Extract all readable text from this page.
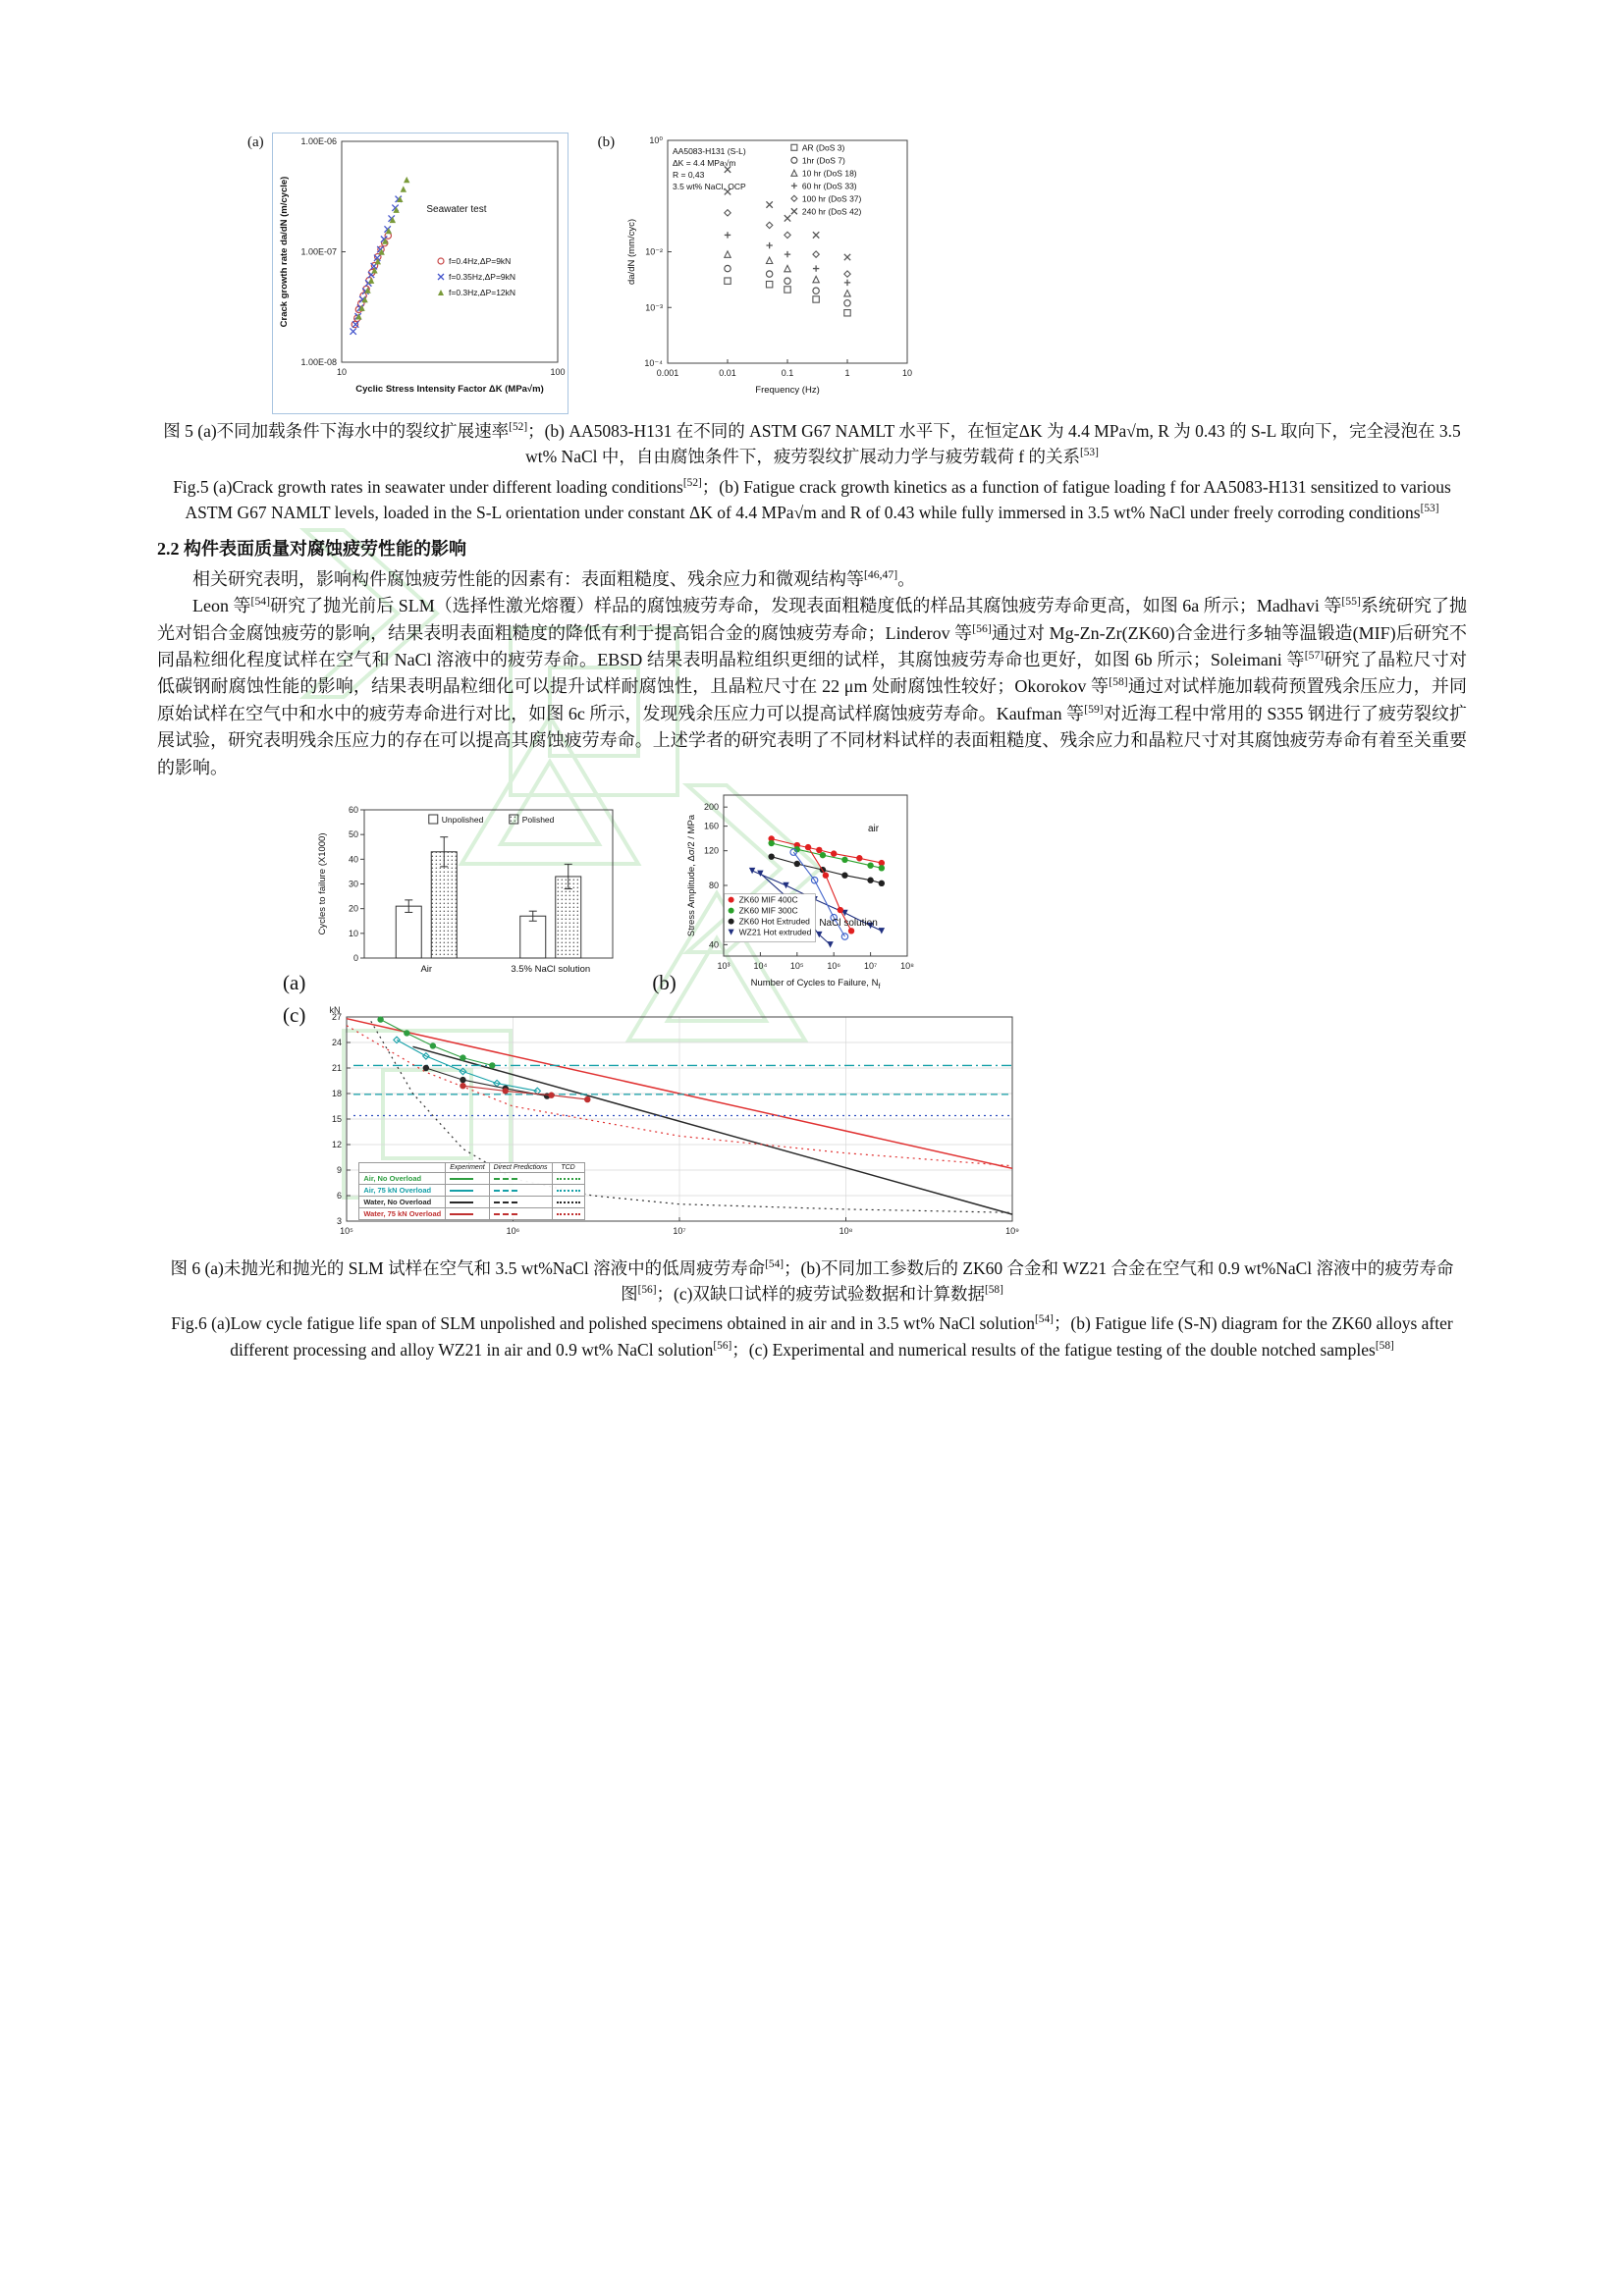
(a)
10	100
1.00E-06
1.00E-07
1.00E-08
Cyclic Stress Intensity Factor ΔK (MPa√m)
Crack growth rate da/dN (m/cycle)	f=0.4Hz,ΔP=9kN
f=0.35Hz,ΔP=9kN
f=0.3Hz,ΔP=12kN
Seawater test
(b)
0.001	0.01	0.1	1	10
10⁰
10⁻²
10⁻³
10⁻⁴
Frequency (Hz)
da/dN (mm/cyc)
AR (DoS 3)
1hr (DoS 7)
10 hr (DoS 18)
60 hr (DoS 33)
100 hr (DoS 37)
240 hr (DoS 42)
AA5083-H131 (S-L)
ΔK = 4.4 MPa√m
R = 0,43
3.5 wt% NaCl, OCP

图 5 (a)不同加载条件下海水中的裂纹扩展速率[52]；(b) AA5083-H131 在不同的 ASTM G67 NAMLT 水平下，在恒定ΔK 为 4.4 MPa√m, R 为 0.43 的 S-L 取向下，完全浸泡在 3.5 wt% NaCl 中，自由腐蚀条件下，疲劳裂纹扩展动力学与疲劳载荷 f 的关系[53]

Fig.5 (a)Crack growth rates in seawater under different loading conditions[52]；(b) Fatigue crack growth kinetics as a function of fatigue loading f for AA5083-H131 sensitized to various ASTM G67 NAMLT levels, loaded in the S-L orientation under constant ΔK of 4.4 MPa√m and R of 0.43 while fully immersed in 3.5 wt% NaCl under freely corroding conditions[53]

2.2 构件表面质量对腐蚀疲劳性能的影响

相关研究表明，影响构件腐蚀疲劳性能的因素有：表面粗糙度、残余应力和微观结构等[46,47]。

Leon 等[54]研究了抛光前后 SLM（选择性激光熔覆）样品的腐蚀疲劳寿命，发现表面粗糙度低的样品其腐蚀疲劳寿命更高，如图 6a 所示；Madhavi 等[55]系统研究了抛光对铝合金腐蚀疲劳的影响，结果表明表面粗糙度的降低有利于提高铝合金的腐蚀疲劳寿命；Linderov 等[56]通过对 Mg-Zn-Zr(ZK60)合金进行多轴等温锻造(MIF)后研究不同晶粒细化程度试样在空气和 NaCl 溶液中的疲劳寿命。EBSD 结果表明晶粒组织更细的试样，其腐蚀疲劳寿命也更好，如图 6b 所示；Soleimani 等[57]研究了晶粒尺寸对低碳钢耐腐蚀性能的影响，结果表明晶粒细化可以提升试样耐腐蚀性，且晶粒尺寸在 22 μm 处耐腐蚀性较好；Okorokov 等[58]通过对试样施加载荷预置残余压应力，并同原始试样在空气中和水中的疲劳寿命进行对比，如图 6c 所示，发现残余压应力可以提高试样腐蚀疲劳寿命。Kaufman 等[59]对近海工程中常用的 S355 钢进行了疲劳裂纹扩展试验，研究表明残余压应力的存在可以提高其腐蚀疲劳寿命。上述学者的研究表明了不同材料试样的表面粗糙度、残余应力和晶粒尺寸对其腐蚀疲劳寿命有着至关重要的影响。

(a)
0
10
20
30
40
50
60
Cycles to failure (X1000)
Air	3.5% NaCl solution
Unpolished	Polished
(b)
10³	10⁴	10⁵	10⁶	10⁷	10⁸
40
80
120
160
200
Number of Cycles to Failure, $N_f$
Stress Amplitude, Δσ/2 / MPa	ZK60 MIF 400C
ZK60 MIF 300C
ZK60 Hot Extruded
WZ21 Hot extruded
air
NaCl solution
(c)
10⁵	10⁶	10⁷	10⁸	10⁹
3
6
9
12
15
18
21
24
27
kN
	Experiment	Direct Predictions	TCD
Air, No Overload			
Air, 75 kN Overload			
Water, No Overload			
Water, 75 kN Overload			

图 6 (a)未抛光和抛光的 SLM 试样在空气和 3.5 wt%NaCl 溶液中的低周疲劳寿命[54]；(b)不同加工参数后的 ZK60 合金和 WZ21 合金在空气和 0.9 wt%NaCl 溶液中的疲劳寿命图[56]；(c)双缺口试样的疲劳试验数据和计算数据[58]

Fig.6 (a)Low cycle fatigue life span of SLM unpolished and polished specimens obtained in air and in 3.5 wt% NaCl solution[54]；(b) Fatigue life (S-N) diagram for the ZK60 alloys after different processing and alloy WZ21 in air and 0.9 wt% NaCl solution[56]；(c) Experimental and numerical results of the fatigue testing of the double notched samples[58]
